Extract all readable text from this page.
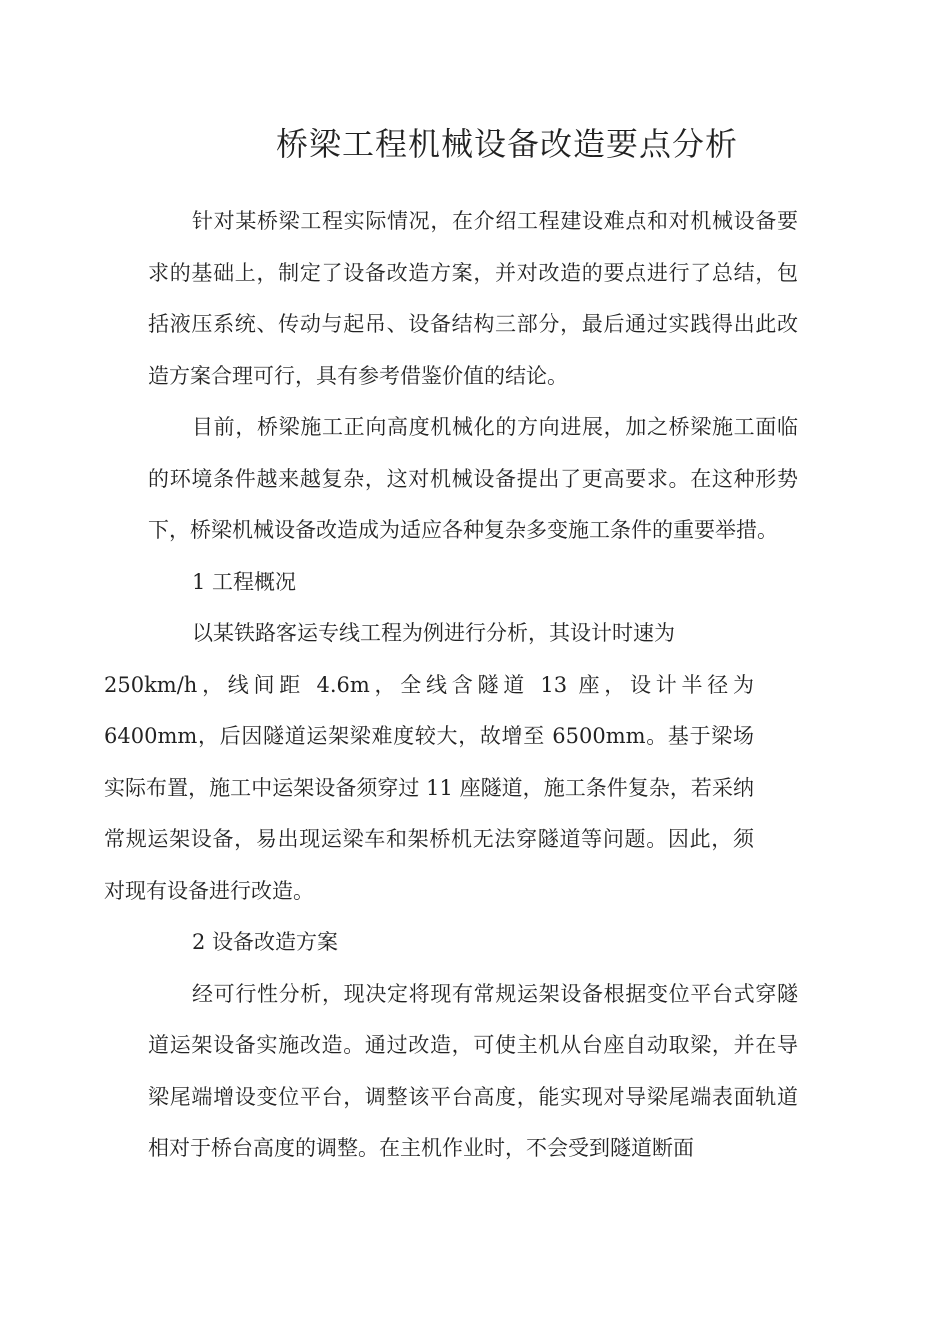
桥梁工程机械设备改造要点分析

针对某桥梁工程实际情况，在介绍工程建设难点和对机械设备要求的基础上，制定了设备改造方案，并对改造的要点进行了总结，包括液压系统、传动与起吊、设备结构三部分，最后通过实践得出此改造方案合理可行，具有参考借鉴价值的结论。

目前，桥梁施工正向高度机械化的方向进展，加之桥梁施工面临的环境条件越来越复杂，这对机械设备提出了更高要求。在这种形势下，桥梁机械设备改造成为适应各种复杂多变施工条件的重要举措。

1 工程概况

以某铁路客运专线工程为例进行分析，其设计时速为
250km/h，线间距 4.6m，全线含隧道 13 座，设计半径为 6400mm，后因隧道运架梁难度较大，故增至 6500mm。基于梁场实际布置，施工中运架设备须穿过 11 座隧道，施工条件复杂，若采纳常规运架设备，易出现运梁车和架桥机无法穿隧道等问题。因此，须对现有设备进行改造。

2 设备改造方案

经可行性分析，现决定将现有常规运架设备根据变位平台式穿隧道运架设备实施改造。通过改造，可使主机从台座自动取梁，并在导梁尾端增设变位平台，调整该平台高度，能实现对导梁尾端表面轨道相对于桥台高度的调整。在主机作业时，不会受到隧道断面
